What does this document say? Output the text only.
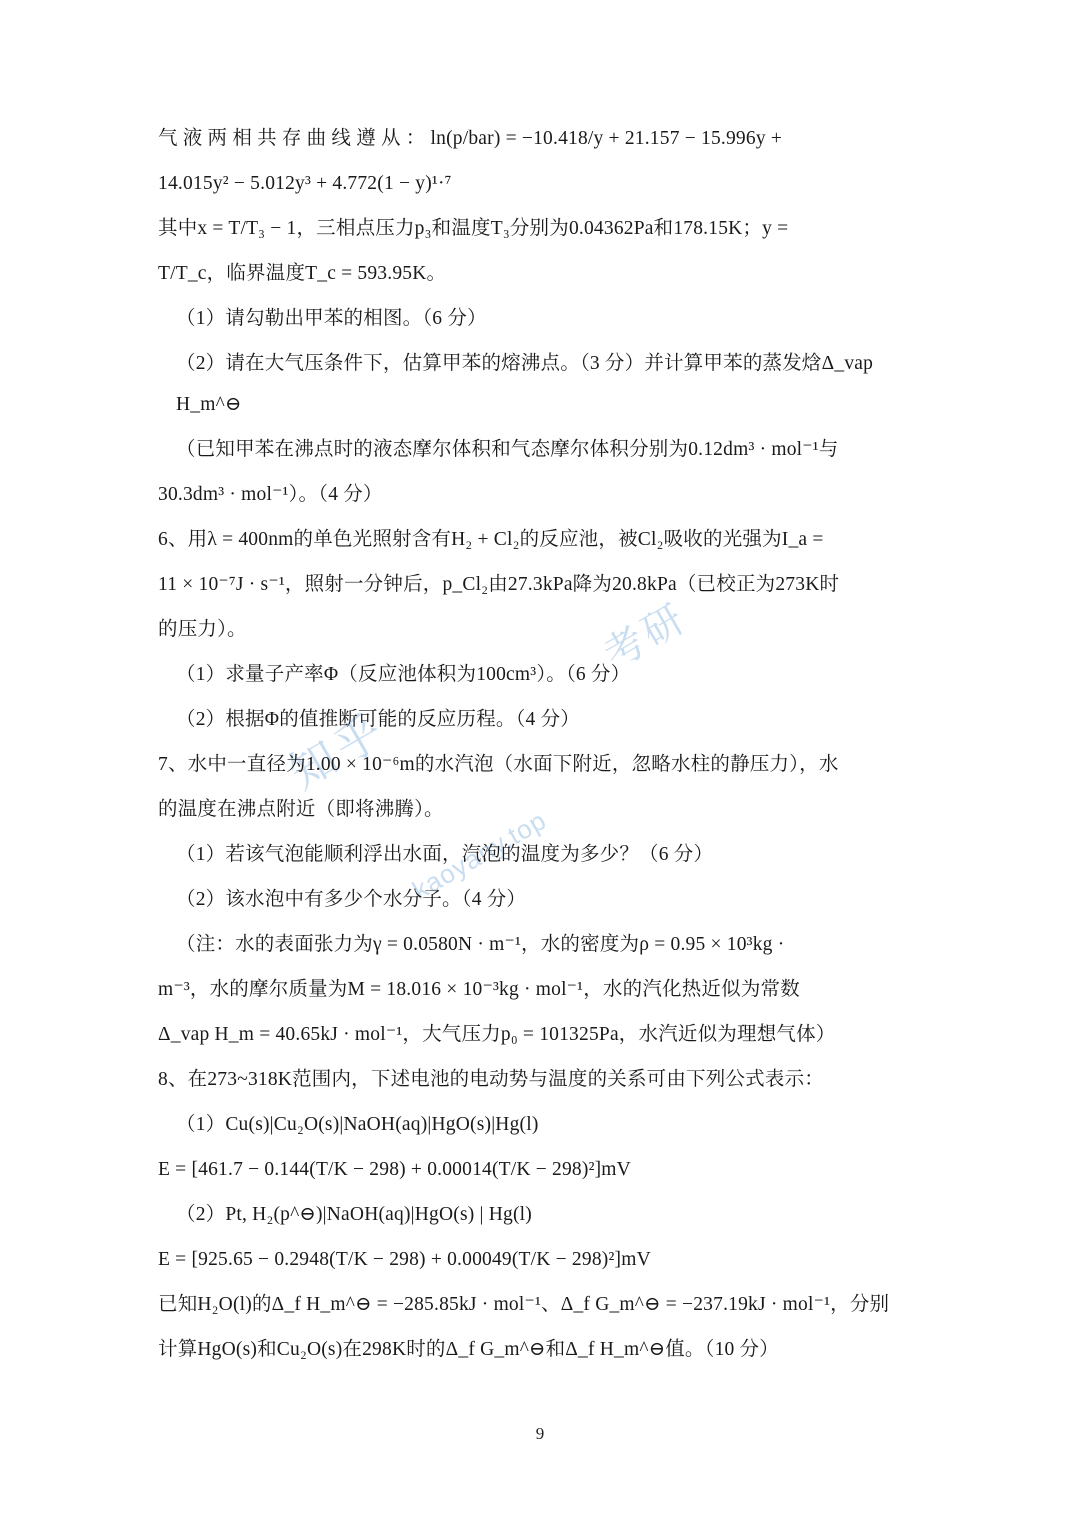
考研
知乎
kaoyany.top

气 液 两 相 共 存 曲 线 遵 从 ： ln(p/bar) = −10.418/y + 21.157 − 15.996y +

14.015y² − 5.012y³ + 4.772(1 − y)¹·⁷

其中x = T/T₃ − 1，三相点压力p₃和温度T₃分别为0.04362Pa和178.15K；y =

T/T_c，临界温度T_c = 593.95K。

（1）请勾勒出甲苯的相图。（6 分）

（2）请在大气压条件下，估算甲苯的熔沸点。（3 分）并计算甲苯的蒸发焓Δ_vap H_m^⊖

（已知甲苯在沸点时的液态摩尔体积和气态摩尔体积分别为0.12dm³ · mol⁻¹与

30.3dm³ · mol⁻¹）。（4 分）

6、用λ = 400nm的单色光照射含有H₂ + Cl₂的反应池，被Cl₂吸收的光强为I_a =

11 × 10⁻⁷J · s⁻¹，照射一分钟后，p_Cl₂由27.3kPa降为20.8kPa（已校正为273K时

的压力）。

（1）求量子产率Φ（反应池体积为100cm³）。（6 分）

（2）根据Φ的值推断可能的反应历程。（4 分）

7、水中一直径为1.00 × 10⁻⁶m的水汽泡（水面下附近，忽略水柱的静压力），水

的温度在沸点附近（即将沸腾）。

（1）若该气泡能顺利浮出水面，汽泡的温度为多少？（6 分）

（2）该水泡中有多少个水分子。（4 分）

（注：水的表面张力为γ = 0.0580N · m⁻¹，水的密度为ρ = 0.95 × 10³kg ·

m⁻³，水的摩尔质量为M = 18.016 × 10⁻³kg · mol⁻¹，水的汽化热近似为常数

Δ_vap H_m = 40.65kJ · mol⁻¹，大气压力p₀ = 101325Pa，水汽近似为理想气体）

8、在273~318K范围内，下述电池的电动势与温度的关系可由下列公式表示：

（1）Cu(s)|Cu₂O(s)|NaOH(aq)|HgO(s)|Hg(l)

E = [461.7 − 0.144(T/K − 298) + 0.00014(T/K − 298)²]mV

（2）Pt, H₂(p^⊖)|NaOH(aq)|HgO(s) | Hg(l)

E = [925.65 − 0.2948(T/K − 298) + 0.00049(T/K − 298)²]mV

已知H₂O(l)的Δ_f H_m^⊖ = −285.85kJ · mol⁻¹、Δ_f G_m^⊖ = −237.19kJ · mol⁻¹，分别

计算HgO(s)和Cu₂O(s)在298K时的Δ_f G_m^⊖和Δ_f H_m^⊖值。（10 分）

9
